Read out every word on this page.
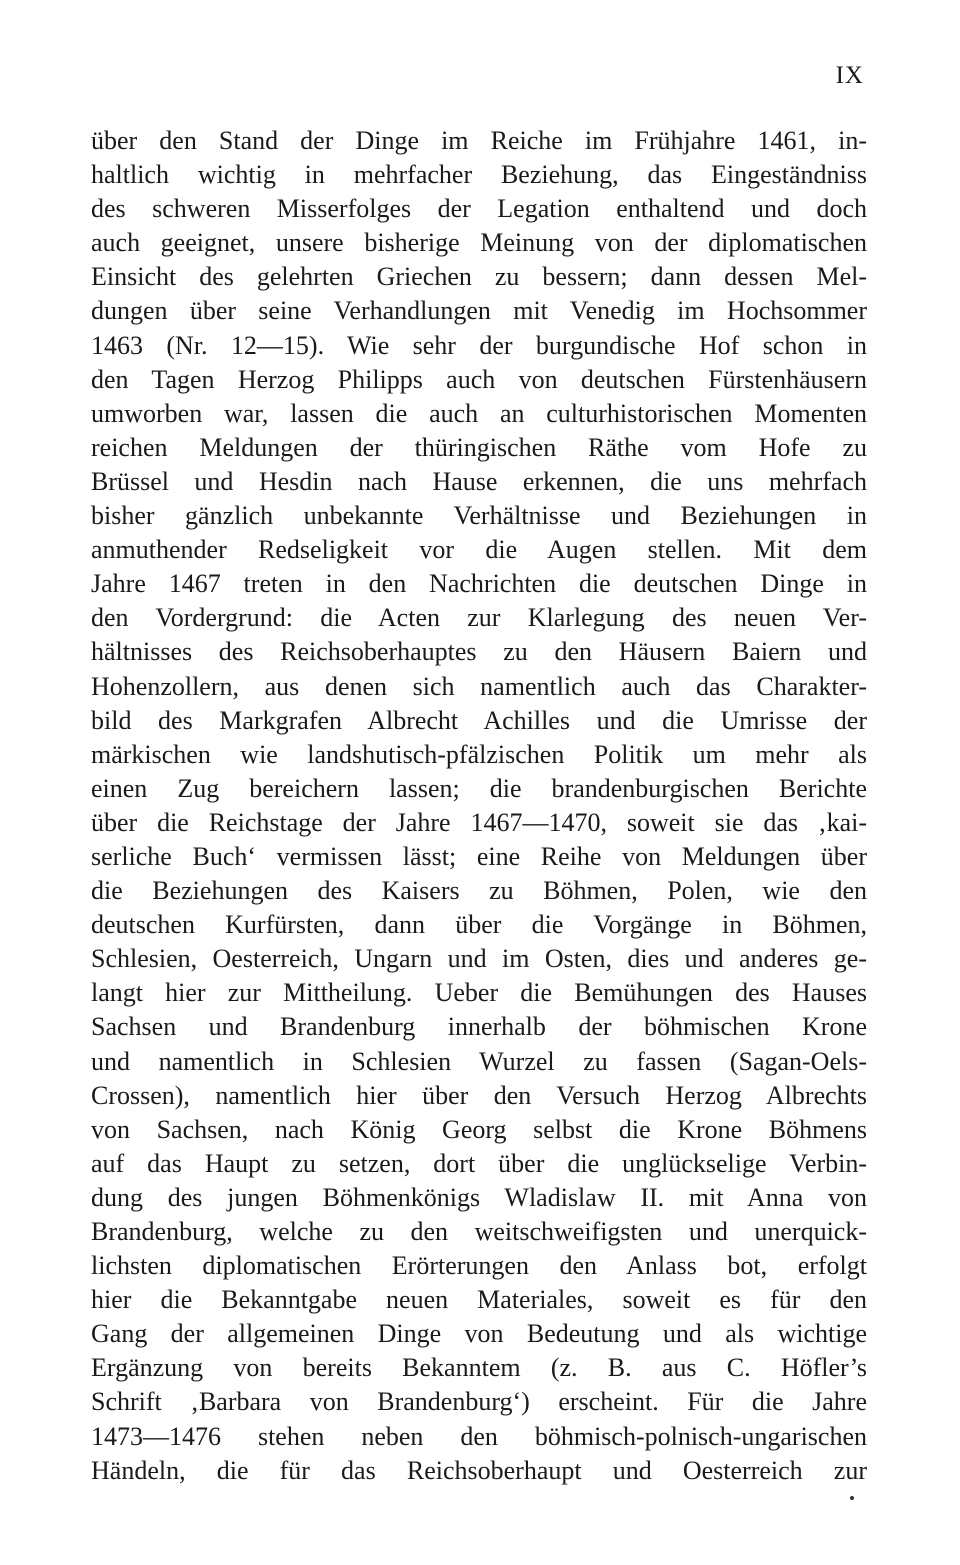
IX
über den Stand der Dinge im Reiche im Frühjahre 1461, in-
haltlich wichtig in mehrfacher Beziehung, das Eingeständniss
des schweren Misserfolges der Legation enthaltend und doch
auch geeignet, unsere bisherige Meinung von der diplomatischen
Einsicht des gelehrten Griechen zu bessern; dann dessen Mel-
dungen über seine Verhandlungen mit Venedig im Hochsommer
1463 (Nr. 12—15). Wie sehr der burgundische Hof schon in
den Tagen Herzog Philipps auch von deutschen Fürstenhäusern
umworben war, lassen die auch an culturhistorischen Momenten
reichen Meldungen der thüringischen Räthe vom Hofe zu
Brüssel und Hesdin nach Hause erkennen, die uns mehrfach
bisher gänzlich unbekannte Verhältnisse und Beziehungen in
anmuthender Redseligkeit vor die Augen stellen. Mit dem
Jahre 1467 treten in den Nachrichten die deutschen Dinge in
den Vordergrund: die Acten zur Klarlegung des neuen Ver-
hältnisses des Reichsoberhauptes zu den Häusern Baiern und
Hohenzollern, aus denen sich namentlich auch das Charakter-
bild des Markgrafen Albrecht Achilles und die Umrisse der
märkischen wie landshutisch-pfälzischen Politik um mehr als
einen Zug bereichern lassen; die brandenburgischen Berichte
über die Reichstage der Jahre 1467—1470, soweit sie das ‚kai-
serliche Buch‘ vermissen lässt; eine Reihe von Meldungen über
die Beziehungen des Kaisers zu Böhmen, Polen, wie den
deutschen Kurfürsten, dann über die Vorgänge in Böhmen,
Schlesien, Oesterreich, Ungarn und im Osten, dies und anderes ge-
langt hier zur Mittheilung. Ueber die Bemühungen des Hauses
Sachsen und Brandenburg innerhalb der böhmischen Krone
und namentlich in Schlesien Wurzel zu fassen (Sagan-Oels-
Crossen), namentlich hier über den Versuch Herzog Albrechts
von Sachsen, nach König Georg selbst die Krone Böhmens
auf das Haupt zu setzen, dort über die unglückselige Verbin-
dung des jungen Böhmenkönigs Wladislaw II. mit Anna von
Brandenburg, welche zu den weitschweifigsten und unerquick-
lichsten diplomatischen Erörterungen den Anlass bot, erfolgt
hier die Bekanntgabe neuen Materiales, soweit es für den
Gang der allgemeinen Dinge von Bedeutung und als wichtige
Ergänzung von bereits Bekanntem (z. B. aus C. Höfler’s
Schrift ‚Barbara von Brandenburg‘) erscheint. Für die Jahre
1473—1476 stehen neben den böhmisch-polnisch-ungarischen
Händeln, die für das Reichsoberhaupt und Oesterreich zur
